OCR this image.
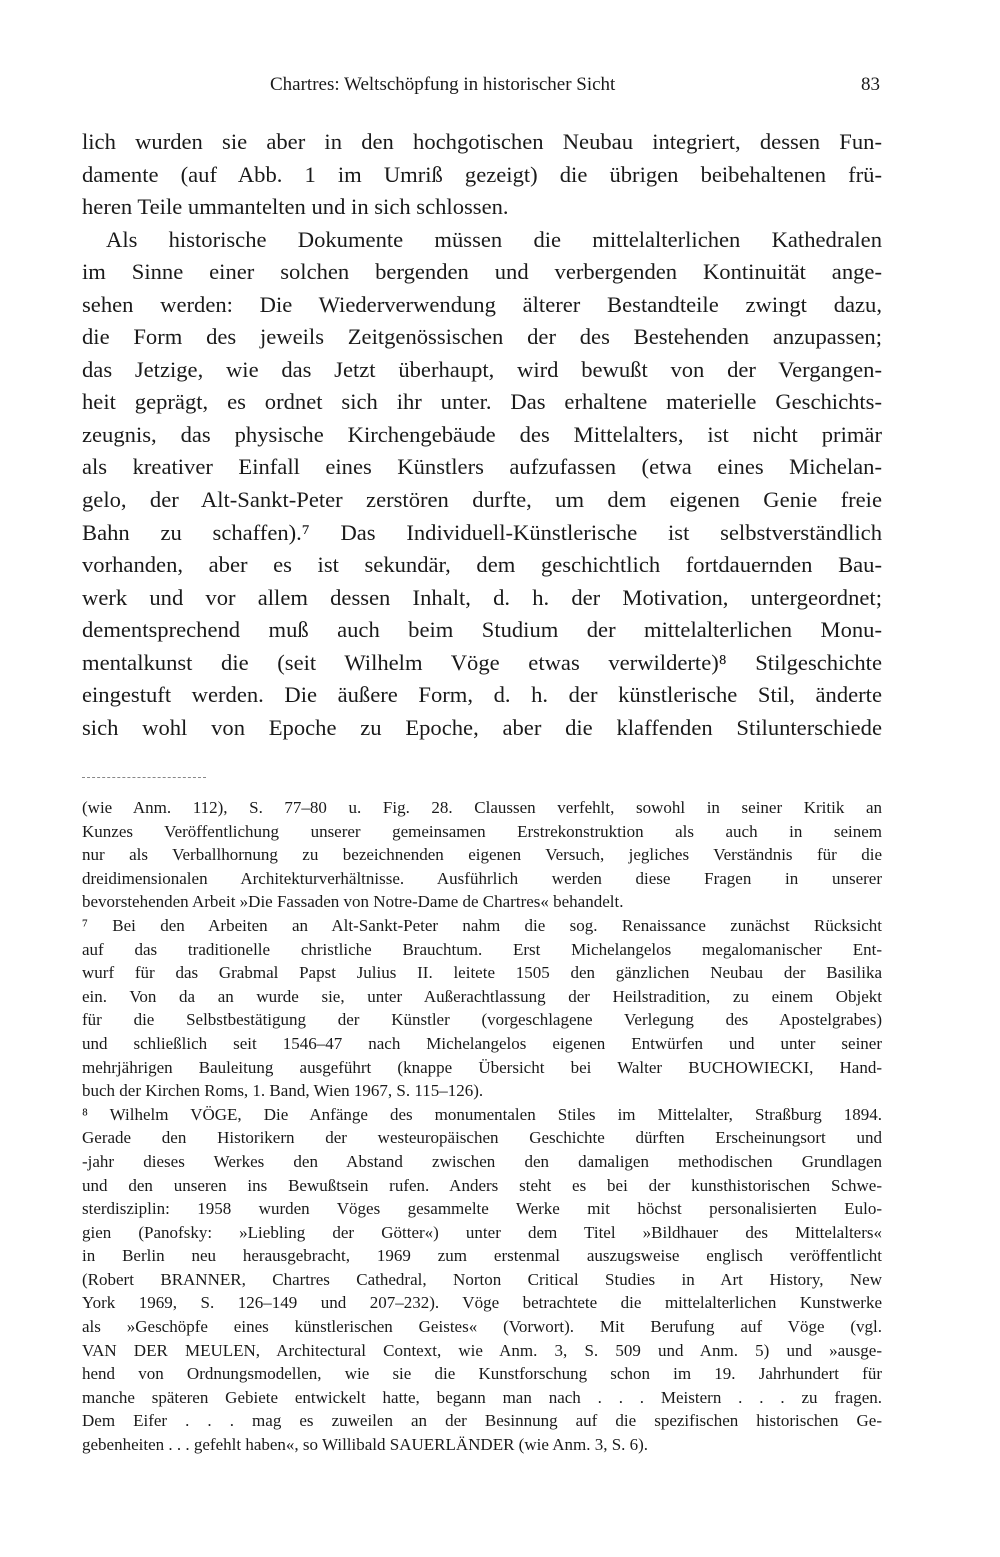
Chartres: Weltschöpfung in historischer Sicht	83
lich wurden sie aber in den hochgotischen Neubau integriert, dessen Fun-
damente (auf Abb. 1 im Umriß gezeigt) die übrigen beibehaltenen frü-
heren Teile ummantelten und in sich schlossen.
Als historische Dokumente müssen die mittelalterlichen Kathedralen
im Sinne einer solchen bergenden und verbergenden Kontinuität ange-
sehen werden: Die Wiederverwendung älterer Bestandteile zwingt dazu,
die Form des jeweils Zeitgenössischen der des Bestehenden anzupassen;
das Jetzige, wie das Jetzt überhaupt, wird bewußt von der Vergangen-
heit geprägt, es ordnet sich ihr unter. Das erhaltene materielle Geschichts-
zeugnis, das physische Kirchengebäude des Mittelalters, ist nicht primär
als kreativer Einfall eines Künstlers aufzufassen (etwa eines Michelan-
gelo, der Alt-Sankt-Peter zerstören durfte, um dem eigenen Genie freie
Bahn zu schaffen).⁷ Das Individuell-Künstlerische ist selbstverständlich
vorhanden, aber es ist sekundär, dem geschichtlich fortdauernden Bau-
werk und vor allem dessen Inhalt, d. h. der Motivation, untergeordnet;
dementsprechend muß auch beim Studium der mittelalterlichen Monu-
mentalkunst die (seit Wilhelm Vöge etwas verwilderte)⁸ Stilgeschichte
eingestuft werden. Die äußere Form, d. h. der künstlerische Stil, änderte
sich wohl von Epoche zu Epoche, aber die klaffenden Stilunterschiede
(wie Anm. 112), S. 77–80 u. Fig. 28. Claussen verfehlt, sowohl in seiner Kritik an
Kunzes Veröffentlichung unserer gemeinsamen Erstrekonstruktion als auch in seinem
nur als Verballhornung zu bezeichnenden eigenen Versuch, jegliches Verständnis für die
dreidimensionalen Architekturverhältnisse. Ausführlich werden diese Fragen in unserer
bevorstehenden Arbeit »Die Fassaden von Notre-Dame de Chartres« behandelt.
⁷ Bei den Arbeiten an Alt-Sankt-Peter nahm die sog. Renaissance zunächst Rücksicht
auf das traditionelle christliche Brauchtum. Erst Michelangelos megalomanischer Ent-
wurf für das Grabmal Papst Julius II. leitete 1505 den gänzlichen Neubau der Basilika
ein. Von da an wurde sie, unter Außerachtlassung der Heilstradition, zu einem Objekt
für die Selbstbestätigung der Künstler (vorgeschlagene Verlegung des Apostelgrabes)
und schließlich seit 1546–47 nach Michelangelos eigenen Entwürfen und unter seiner
mehrjährigen Bauleitung ausgeführt (knappe Übersicht bei Walter BUCHOWIECKI, Hand-
buch der Kirchen Roms, 1. Band, Wien 1967, S. 115–126).
⁸ Wilhelm VÖGE, Die Anfänge des monumentalen Stiles im Mittelalter, Straßburg 1894.
Gerade den Historikern der westeuropäischen Geschichte dürften Erscheinungsort und
-jahr dieses Werkes den Abstand zwischen den damaligen methodischen Grundlagen
und den unseren ins Bewußtsein rufen. Anders steht es bei der kunsthistorischen Schwe-
sterdisziplin: 1958 wurden Vöges gesammelte Werke mit höchst personalisierten Eulo-
gien (Panofsky: »Liebling der Götter«) unter dem Titel »Bildhauer des Mittelalters«
in Berlin neu herausgebracht, 1969 zum erstenmal auszugsweise englisch veröffentlicht
(Robert BRANNER, Chartres Cathedral, Norton Critical Studies in Art History, New
York 1969, S. 126–149 und 207–232). Vöge betrachtete die mittelalterlichen Kunstwerke
als »Geschöpfe eines künstlerischen Geistes« (Vorwort). Mit Berufung auf Vöge (vgl.
VAN DER MEULEN, Architectural Context, wie Anm. 3, S. 509 und Anm. 5) und »ausge-
hend von Ordnungsmodellen, wie sie die Kunstforschung schon im 19. Jahrhundert für
manche späteren Gebiete entwickelt hatte, begann man nach . . . Meistern . . . zu fragen.
Dem Eifer . . . mag es zuweilen an der Besinnung auf die spezifischen historischen Ge-
gebenheiten . . . gefehlt haben«, so Willibald SAUERLÄNDER (wie Anm. 3, S. 6).
